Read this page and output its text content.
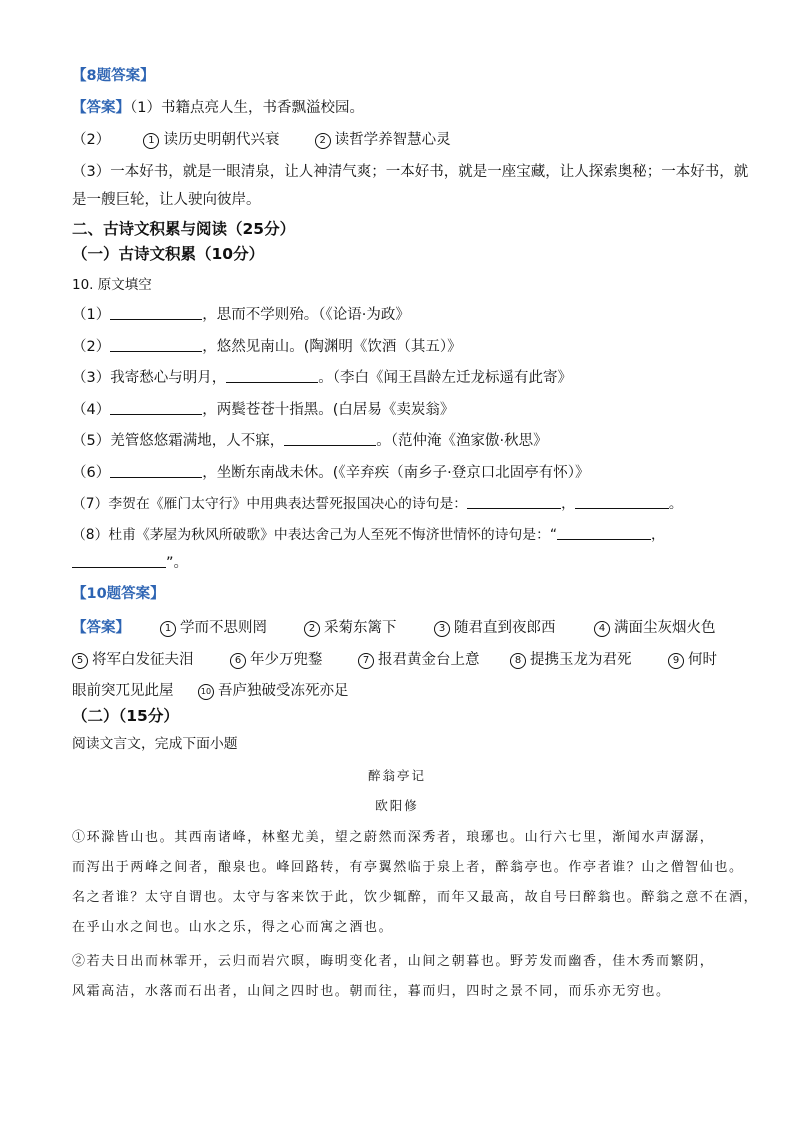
【8题答案】
【答案】（1）书籍点亮人生，书香飘溢校园。
（2）	1 读历史明朝代兴衰	2 读哲学养智慧心灵
（3）一本好书，就是一眼清泉，让人神清气爽；一本好书，就是一座宝藏，让人探索奥秘；一本好书，就
是一艘巨轮，让人驶向彼岸。
二、古诗文积累与阅读（25分）
（一）古诗文积累（10分）
10. 原文填空
（1）	，思而不学则殆。（《论语·为政》
（2）	，悠然见南山。(陶渊明《饮酒（其五）》
（3）我寄愁心与明月，	。（李白《闻王昌龄左迁龙标遥有此寄》
（4）	，两鬓苍苍十指黑。(白居易《卖炭翁》
（5）羌管悠悠霜满地，人不寐，	。（范仲淹《渔家傲·秋思》
（6）	，坐断东南战未休。(《辛弃疾（南乡子·登京口北固亭有怀）》
（7）李贺在《雁门太守行》中用典表达誓死报国决心的诗句是：	，	。
（8）杜甫《茅屋为秋风所破歌》中表达舍己为人至死不悔济世情怀的诗句是：“	，
”。
【10题答案】
【答案】	1 学而不思则罔	2 采菊东篱下	3 随君直到夜郎西	4 满面尘灰烟火色
5 将军白发征夫泪	6 年少万兜鍪	7 报君黄金台上意	8 提携玉龙为君死	9 何时
眼前突兀见此屋	10 吾庐独破受冻死亦足
（二）（15分）
阅读文言文，完成下面小题
醉翁亭记
欧阳修
①环滁皆山也。其西南诸峰，林壑尤美，望之蔚然而深秀者，琅琊也。山行六七里，渐闻水声潺潺，
而泻出于两峰之间者，酿泉也。峰回路转，有亭翼然临于泉上者，醉翁亭也。作亭者谁？山之僧智仙也。
名之者谁？太守自谓也。太守与客来饮于此，饮少辄醉，而年又最高，故自号曰醉翁也。醉翁之意不在酒，
在乎山水之间也。山水之乐，得之心而寓之酒也。
②若夫日出而林霏开，云归而岩穴暝，晦明变化者，山间之朝暮也。野芳发而幽香，佳木秀而繁阴，
风霜高洁，水落而石出者，山间之四时也。朝而往，暮而归，四时之景不同，而乐亦无穷也。
